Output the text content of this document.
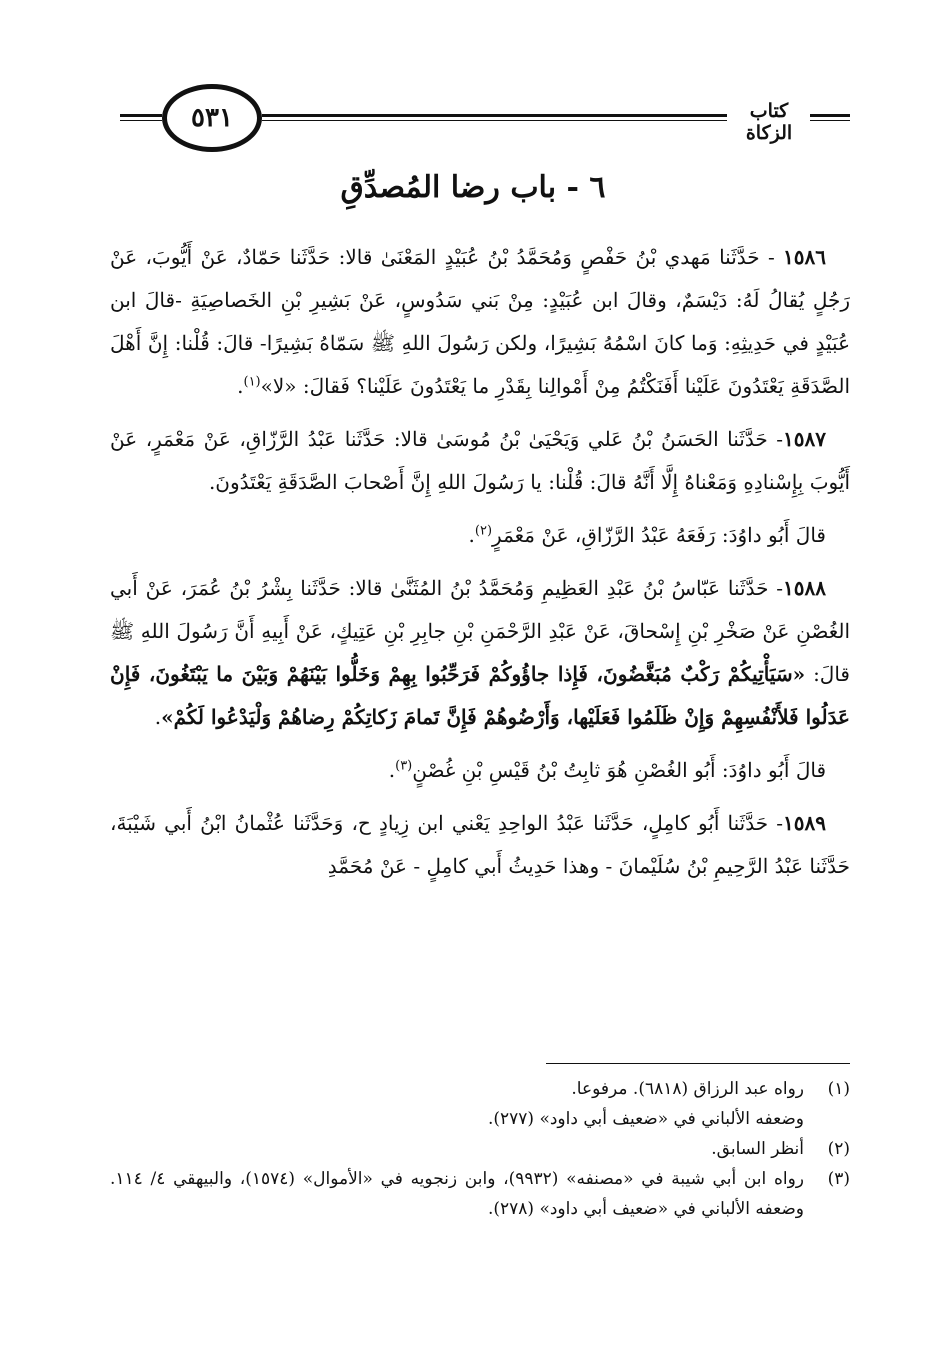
٥٣١	كتاب الزكاة
٦ - باب رضا المُصدِّقِ

١٥٨٦ - حَدَّثَنا مَهدي بْنُ حَفْصٍ وَمُحَمَّدُ بْنُ عُبَيْدٍ المَعْنَىٰ قالا: حَدَّثَنا حَمّادٌ، عَنْ أَيُّوبَ، عَنْ رَجُلٍ يُقالُ لَهُ: دَيْسَمٌ، وقالَ ابن عُبَيْدٍ: مِنْ بَني سَدُوسٍ، عَنْ بَشِيرِ بْنِ الخَصاصِيَةِ -قالَ ابن عُبَيْدٍ في حَدِيثِهِ: وَما كانَ اسْمُهُ بَشِيرًا، ولكن رَسُولَ اللهِ ﷺ سَمّاهُ بَشِيرًا- قالَ: قُلْنا: إِنَّ أَهْلَ الصَّدَقَةِ يَعْتَدُونَ عَلَيْنا أَفَنَكْتُمُ مِنْ أَمْوالِنا بِقَدْرِ ما يَعْتَدُونَ عَلَيْنا؟ فَقالَ: «لا»$^{(١)}$.

١٥٨٧- حَدَّثَنا الحَسَنُ بْنُ عَلي وَيَحْيَىٰ بْنُ مُوسَىٰ قالا: حَدَّثَنا عَبْدُ الرَّزّاقِ، عَنْ مَعْمَرٍ، عَنْ أَيُّوبَ بِإِسْنادِهِ وَمَعْناهُ إِلَّا أَنَّهُ قالَ: قُلْنا: يا رَسُولَ اللهِ إِنَّ أَصْحابَ الصَّدَقَةِ يَعْتَدُونَ.

قالَ أَبُو داوُدَ: رَفَعَهُ عَبْدُ الرَّزّاقِ، عَنْ مَعْمَرٍ$^{(٢)}$.

١٥٨٨- حَدَّثَنا عَبّاسُ بْنُ عَبْدِ العَظِيمِ وَمُحَمَّدُ بْنُ المُثَنَّىٰ قالا: حَدَّثَنا بِشْرُ بْنُ عُمَرَ، عَنْ أَبي الغُصْنِ عَنْ صَخْرِ بْنِ إِسْحاقَ، عَنْ عَبْدِ الرَّحْمَنِ بْنِ جابِرِ بْنِ عَتِيكٍ، عَنْ أَبِيهِ أَنَّ رَسُولَ اللهِ ﷺ قالَ: «سَيَأْتِيكُمْ رَكْبٌ مُبَغَّضُونَ، فَإِذا جاؤُوكُمْ فَرَحِّبُوا بِهِمْ وَخَلُّوا بَيْنَهُمْ وَبَيْنَ ما يَبْتَغُونَ، فَإِنْ عَدَلُوا فَلأَنْفُسِهِمْ وَإِنْ ظَلَمُوا فَعَلَيْها، وَأَرْضُوهُمْ فَإِنَّ تَمامَ زَكاتِكُمْ رِضاهُمْ وَلْيَدْعُوا لَكُمْ».

قالَ أَبُو داوُدَ: أَبُو الغُصْنِ هُوَ ثابِتُ بْنُ قَيْسِ بْنِ غُصْنٍ$^{(٣)}$.

١٥٨٩- حَدَّثَنا أَبُو كامِلٍ، حَدَّثَنا عَبْدُ الواحِدِ يَعْني ابن زِيادٍ ح، وَحَدَّثَنا عُثْمانُ ابْنُ أَبي شَيْبَةَ، حَدَّثَنا عَبْدُ الرَّحِيمِ بْنُ سُلَيْمانَ - وهذا حَدِيثُ أَبي كامِلٍ - عَنْ مُحَمَّدِ

(١)
رواه عبد الرزاق (٦٨١٨). مرفوعا.
وضعفه الألباني في «ضعيف أبي داود» (٢٧٧).
(٢)
أنظر السابق.
(٣)
رواه ابن أبي شيبة في «مصنفه» (٩٩٣٢)، وابن زنجويه في «الأموال» (١٥٧٤)، والبيهقي ٤/ ١١٤. وضعفه الألباني في «ضعيف أبي داود» (٢٧٨).
